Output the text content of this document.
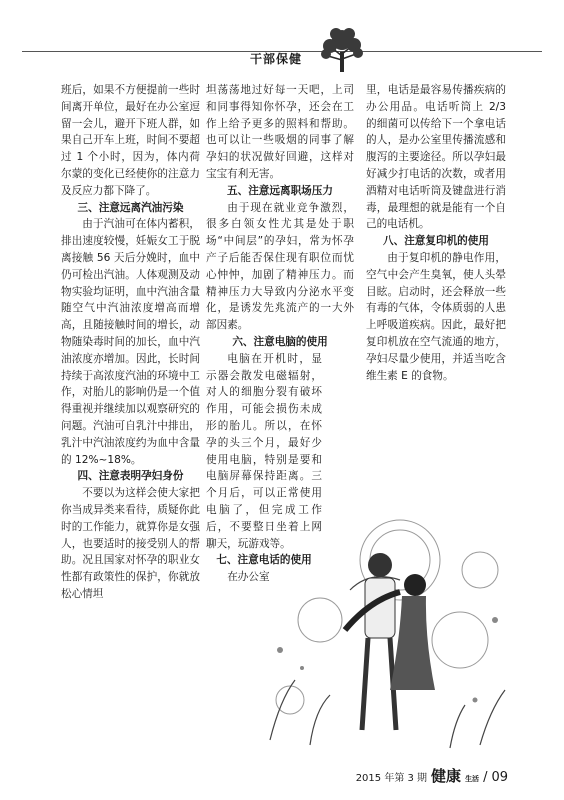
干部保健

班后，如果不方便提前一些时间离开单位，最好在办公室逗留一会儿，避开下班人群，如果自己开车上班，时间不要超过 1 个小时，因为，体内荷尔蒙的变化已经使你的注意力及反应力都下降了。

三、注意远离汽油污染

由于汽油可在体内蓄积，排出速度较慢，妊娠女工于脱离接触 56 天后分娩时，血中仍可检出汽油。人体观测及动物实验均证明，血中汽油含量随空气中汽油浓度增高而增高，且随接触时间的增长，动物随染毒时间的加长，血中汽油浓度亦增加。因此，长时间持续于高浓度汽油的环境中工作，对胎儿的影响仍是一个值得重视并继续加以观察研究的问题。汽油可自乳汁中排出，乳汁中汽油浓度约为血中含量的 12%~18%。

四、注意表明孕妇身份

不要以为这样会使大家把你当成异类来看待，质疑你此时的工作能力，就算你是女强人，也要适时的接受别人的帮助。况且国家对怀孕的职业女性都有政策性的保护，你就放松心情坦

坦荡荡地过好每一天吧，上司和同事得知你怀孕，还会在工作上给予更多的照料和帮助。也可以让一些吸烟的同事了解孕妇的状况做好回避，这样对宝宝有利无害。

五、注意远离职场压力

由于现在就业竞争激烈，很多白领女性尤其是处于职场“中间层”的孕妇，常为怀孕产子后能否保住现有职位而忧心忡忡，加剧了精神压力。而精神压力大导致内分泌水平变化，是诱发先兆流产的一大外部因素。

六、注意电脑的使用

电脑在开机时，显示器会散发电磁辐射，对人的细胞分裂有破坏作用，可能会损伤未成形的胎儿。所以，在怀孕的头三个月，最好少使用电脑，特别是要和电脑屏幕保持距离。三个月后，可以正常使用电脑了，但完成工作后，不要整日坐着上网聊天，玩游戏等。

七、注意电话的使用

在办公室

里，电话是最容易传播疾病的办公用品。电话听筒上 2/3 的细菌可以传给下一个拿电话的人，是办公室里传播流感和腹泻的主要途径。所以孕妇最好减少打电话的次数，或者用酒精对电话听筒及键盘进行消毒，最理想的就是能有一个自己的电话机。

八、注意复印机的使用

由于复印机的静电作用，空气中会产生臭氧，使人头晕目眩。启动时，还会释放一些有毒的气体，令体质弱的人患上呼吸道疾病。因此，最好把复印机放在空气流通的地方，孕妇尽量少使用，并适当吃含维生素 E 的食物。

2015 年第 3 期 健康 生活 / 09
